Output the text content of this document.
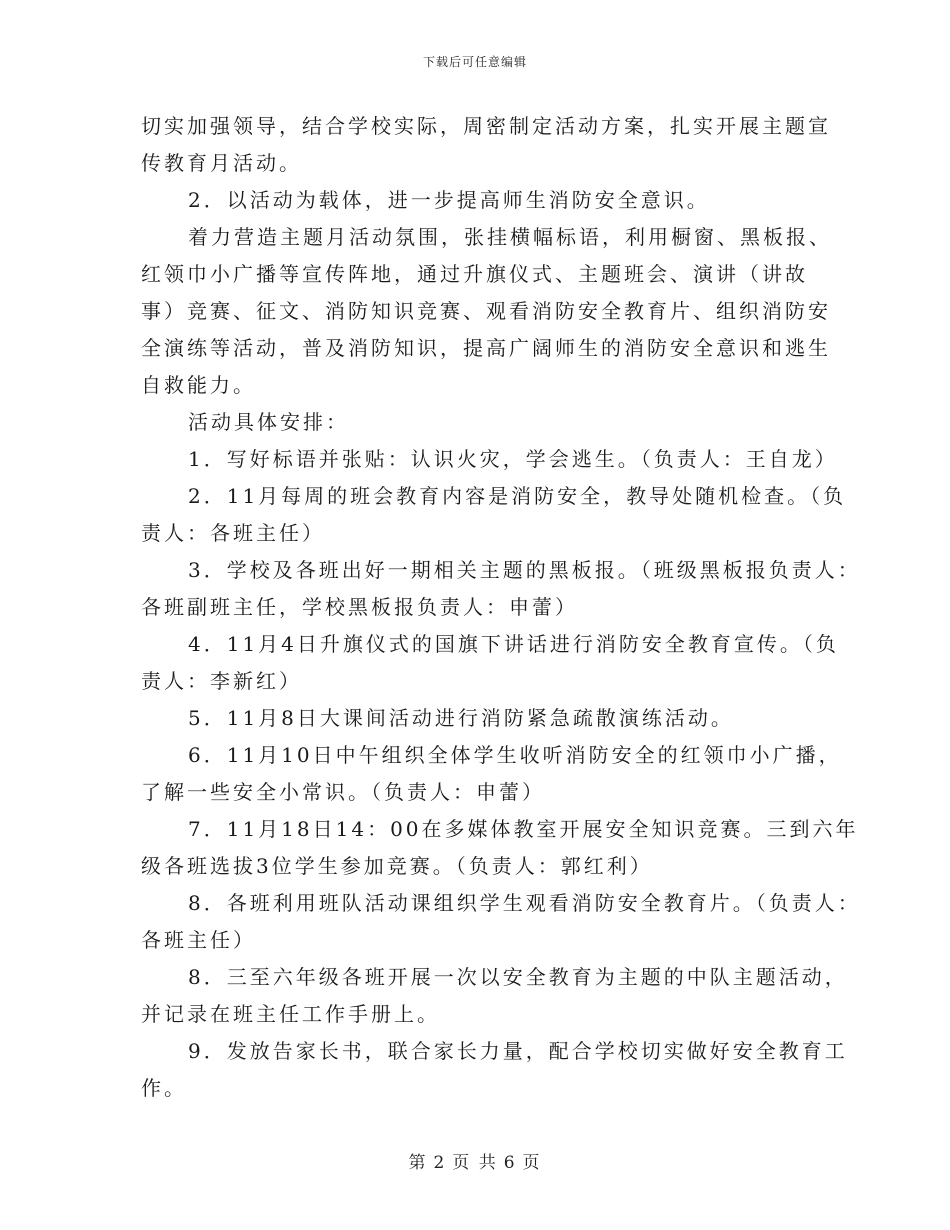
下载后可任意编辑
切实加强领导，结合学校实际，周密制定活动方案，扎实开展主题宣
传教育月活动。
2．以活动为载体，进一步提高师生消防安全意识。
着力营造主题月活动氛围，张挂横幅标语，利用橱窗、黑板报、
红领巾小广播等宣传阵地，通过升旗仪式、主题班会、演讲（讲故
事）竞赛、征文、消防知识竞赛、观看消防安全教育片、组织消防安
全演练等活动，普及消防知识，提高广阔师生的消防安全意识和逃生
自救能力。
活动具体安排：
1．写好标语并张贴：认识火灾，学会逃生。（负责人：王自龙）
2．11月每周的班会教育内容是消防安全，教导处随机检查。（负
责人：各班主任）
3．学校及各班出好一期相关主题的黑板报。（班级黑板报负责人：
各班副班主任，学校黑板报负责人：申蕾）
4．11月4日升旗仪式的国旗下讲话进行消防安全教育宣传。（负
责人：李新红）
5．11月8日大课间活动进行消防紧急疏散演练活动。
6．11月10日中午组织全体学生收听消防安全的红领巾小广播，
了解一些安全小常识。（负责人：申蕾）
7．11月18日14：00在多媒体教室开展安全知识竞赛。三到六年
级各班选拔3位学生参加竞赛。（负责人：郭红利）
8．各班利用班队活动课组织学生观看消防安全教育片。（负责人：
各班主任）
8．三至六年级各班开展一次以安全教育为主题的中队主题活动，
并记录在班主任工作手册上。
9．发放告家长书，联合家长力量，配合学校切实做好安全教育工
作。
第 2 页 共 6 页
